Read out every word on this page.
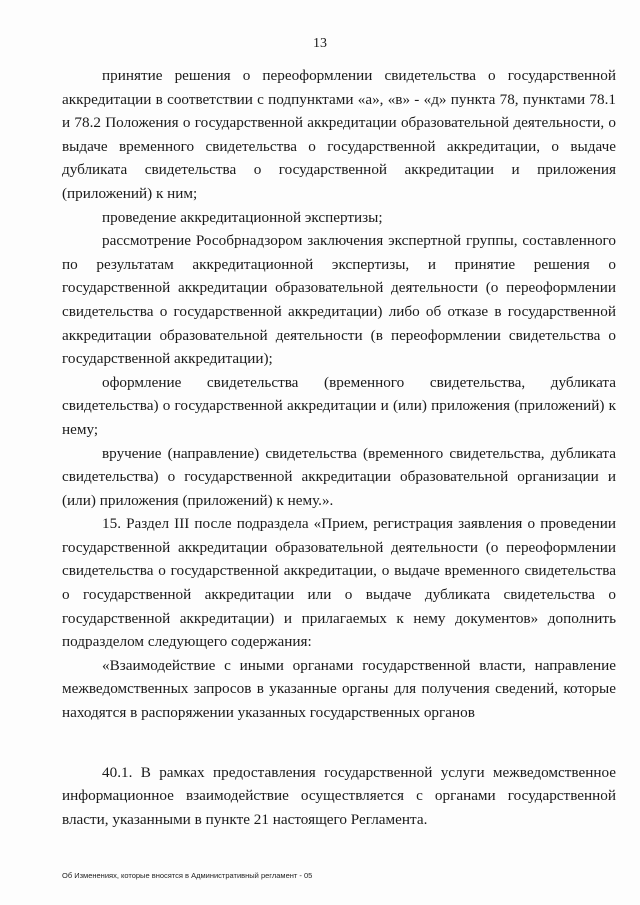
13

принятие решения о переоформлении свидетельства о государственной аккредитации в соответствии с подпунктами «а», «в» - «д» пункта 78, пунктами 78.1 и 78.2 Положения о государственной аккредитации образовательной деятельности, о выдаче временного свидетельства о государственной аккредитации, о выдаче дубликата свидетельства о государственной аккредитации и приложения (приложений) к ним;

проведение аккредитационной экспертизы;

рассмотрение Рособрнадзором заключения экспертной группы, составленного по результатам аккредитационной экспертизы, и принятие решения о государственной аккредитации образовательной деятельности (о переоформлении свидетельства о государственной аккредитации) либо об отказе в государственной аккредитации образовательной деятельности (в переоформлении свидетельства о государственной аккредитации);

оформление свидетельства (временного свидетельства, дубликата свидетельства) о государственной аккредитации и (или) приложения (приложений) к нему;

вручение (направление) свидетельства (временного свидетельства, дубликата свидетельства) о государственной аккредитации образовательной организации и (или) приложения (приложений) к нему.».

15. Раздел III после подраздела «Прием, регистрация заявления о проведении государственной аккредитации образовательной деятельности (о переоформлении свидетельства о государственной аккредитации, о выдаче временного свидетельства о государственной аккредитации или о выдаче дубликата свидетельства о государственной аккредитации) и прилагаемых к нему документов» дополнить подразделом следующего содержания:

«Взаимодействие с иными органами государственной власти, направление межведомственных запросов в указанные органы для получения сведений, которые находятся в распоряжении указанных государственных органов

40.1. В рамках предоставления государственной услуги межведомственное информационное взаимодействие осуществляется с органами государственной власти, указанными в пункте 21 настоящего Регламента.

Об Изменениях, которые вносятся в Административный регламент - 05
